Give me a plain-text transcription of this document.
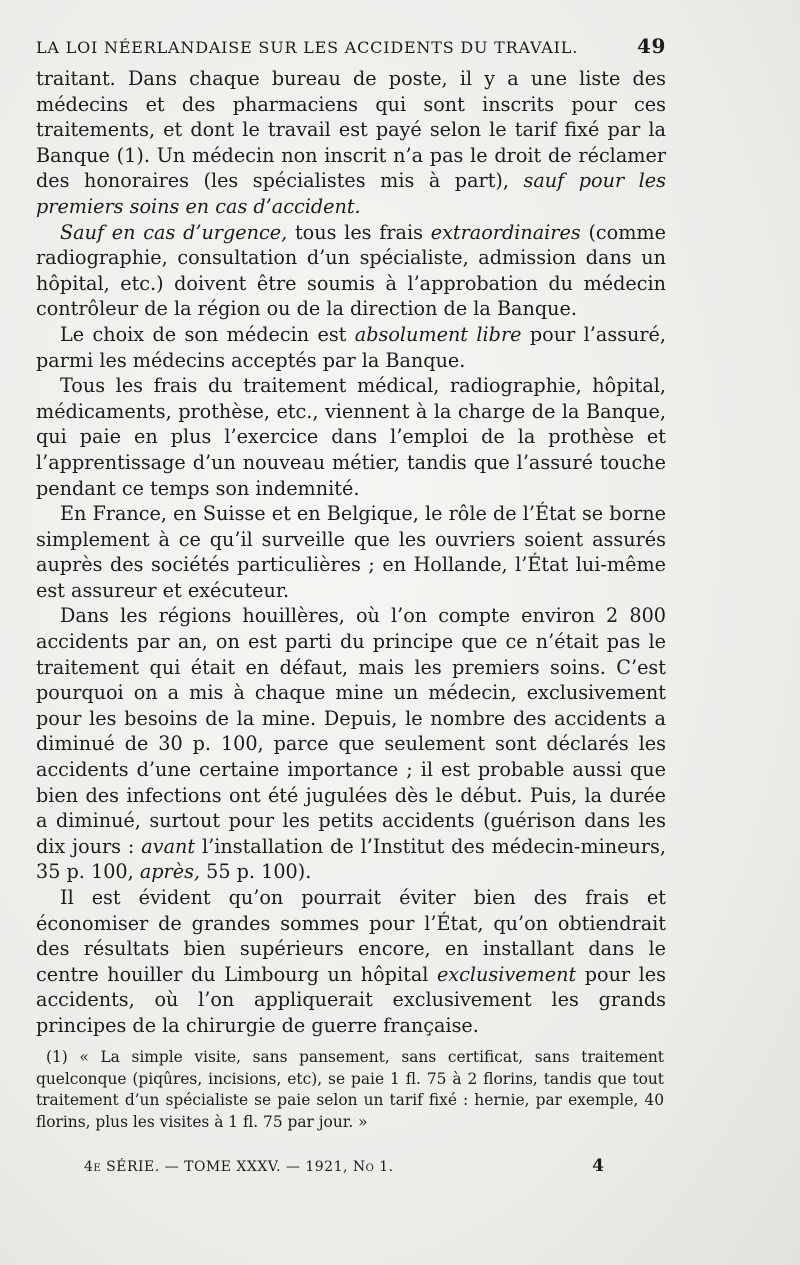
LA LOI NÉERLANDAISE SUR LES ACCIDENTS DU TRAVAIL.	49

traitant. Dans chaque bureau de poste, il y a une liste des médecins et des pharmaciens qui sont inscrits pour ces traitements, et dont le travail est payé selon le tarif fixé par la Banque (1). Un médecin non inscrit n’a pas le droit de réclamer des honoraires (les spécialistes mis à part), sauf pour les premiers soins en cas d’accident.

Sauf en cas d’urgence, tous les frais extraordinaires (comme radiographie, consultation d’un spécialiste, admission dans un hôpital, etc.) doivent être soumis à l’approbation du médecin contrôleur de la région ou de la direction de la Banque.

Le choix de son médecin est absolument libre pour l’assuré, parmi les médecins acceptés par la Banque.

Tous les frais du traitement médical, radiographie, hôpital, médicaments, prothèse, etc., viennent à la charge de la Banque, qui paie en plus l’exercice dans l’emploi de la prothèse et l’apprentissage d’un nouveau métier, tandis que l’assuré touche pendant ce temps son indemnité.

En France, en Suisse et en Belgique, le rôle de l’État se borne simplement à ce qu’il surveille que les ouvriers soient assurés auprès des sociétés particulières ; en Hollande, l’État lui-même est assureur et exécuteur.

Dans les régions houillères, où l’on compte environ 2 800 accidents par an, on est parti du principe que ce n’était pas le traitement qui était en défaut, mais les premiers soins. C’est pourquoi on a mis à chaque mine un médecin, exclusivement pour les besoins de la mine. Depuis, le nombre des accidents a diminué de 30 p. 100, parce que seulement sont déclarés les accidents d’une certaine importance ; il est probable aussi que bien des infections ont été jugulées dès le début. Puis, la durée a diminué, surtout pour les petits accidents (guérison dans les dix jours : avant l’installation de l’Institut des médecin-mineurs, 35 p. 100, après, 55 p. 100).

Il est évident qu’on pourrait éviter bien des frais et économiser de grandes sommes pour l’État, qu’on obtiendrait des résultats bien supérieurs encore, en installant dans le centre houiller du Limbourg un hôpital exclusivement pour les accidents, où l’on appliquerait exclusivement les grands principes de la chirurgie de guerre française.

(1) « La simple visite, sans pansement, sans certificat, sans traitement quelconque (piqûres, incisions, etc), se paie 1 fl. 75 à 2 florins, tandis que tout traitement d’un spécialiste se paie selon un tarif fixé : hernie, par exemple, 40 florins, plus les visites à 1 fl. 75 par jour. »

4e SÉRIE. — TOME XXXV. — 1921, No 1.	4
